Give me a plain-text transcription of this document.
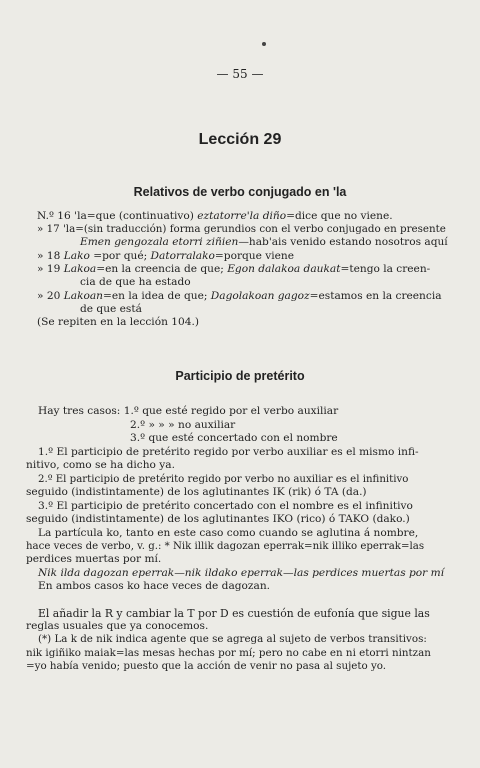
— 55 —
Lección 29
Relativos de verbo conjugado en 'la
N.º 16 'la=que (continuativo) eztatorre'la diño=dice que no viene.
» 17 'la=(sin traducción) forma gerundios con el verbo conjugado en presente
Emen gengozala etorri ziñien—hab'ais venido estando nosotros aquí
» 18 Lako =por qué; Datorralako=porque viene
» 19 Lakoa=en la creencia de que; Egon dalakoa daukat=tengo la creen-
cia de que ha estado
» 20 Lakoan=en la idea de que; Dagolakoan gagoz=estamos en la creencia
de que está
(Se repiten en la lección 104.)
Participio de pretérito
Hay tres casos: 1.º que esté regido por el verbo auxiliar
2.º » » » no auxiliar
3.º que esté concertado con el nombre
1.º El participio de pretérito regido por verbo auxiliar es el mismo infi-
nitivo, como se ha dicho ya.
2.º El participio de pretérito regido por verbo no auxiliar es el infinitivo
seguido (indistintamente) de los aglutinantes IK (rik) ó TA (da.)
3.º El participio de pretérito concertado con el nombre es el infinitivo
seguido (indistintamente) de los aglutinantes IKO (rico) ó TAKO (dako.)
La partícula ko, tanto en este caso como cuando se aglutina á nombre,
hace veces de verbo, v. g.: * Nik illik dagozan eperrak=nik illiko eperrak=las
perdices muertas por mí.
Nik ilda dagozan eperrak—nik ildako eperrak—las perdices muertas por mí
En ambos casos ko hace veces de dagozan.
El añadir la R y cambiar la T por D es cuestión de eufonía que sigue las
reglas usuales que ya conocemos.
(*) La k de nik indica agente que se agrega al sujeto de verbos transitivos:
nik igiñiko maiak=las mesas hechas por mí; pero no cabe en ni etorri nintzan
=yo había venido; puesto que la acción de venir no pasa al sujeto yo.
